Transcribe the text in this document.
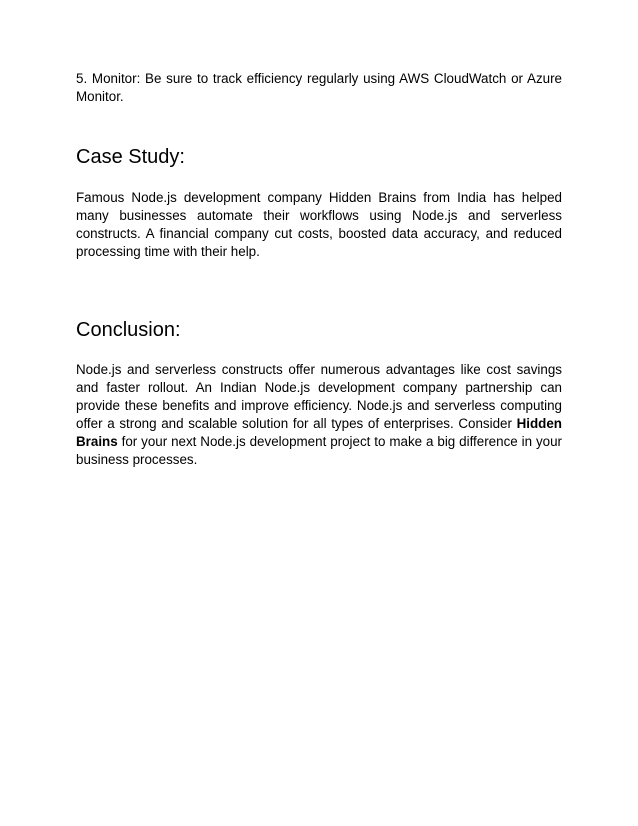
5. Monitor: Be sure to track efficiency regularly using AWS CloudWatch or Azure Monitor.

Case Study:

Famous Node.js development company Hidden Brains from India has helped many businesses automate their workflows using Node.js and serverless constructs. A financial company cut costs, boosted data accuracy, and reduced processing time with their help.

Conclusion:

Node.js and serverless constructs offer numerous advantages like cost savings and faster rollout. An Indian Node.js development company partnership can provide these benefits and improve efficiency. Node.js and serverless computing offer a strong and scalable solution for all types of enterprises. Consider Hidden Brains for your next Node.js development project to make a big difference in your business processes.
